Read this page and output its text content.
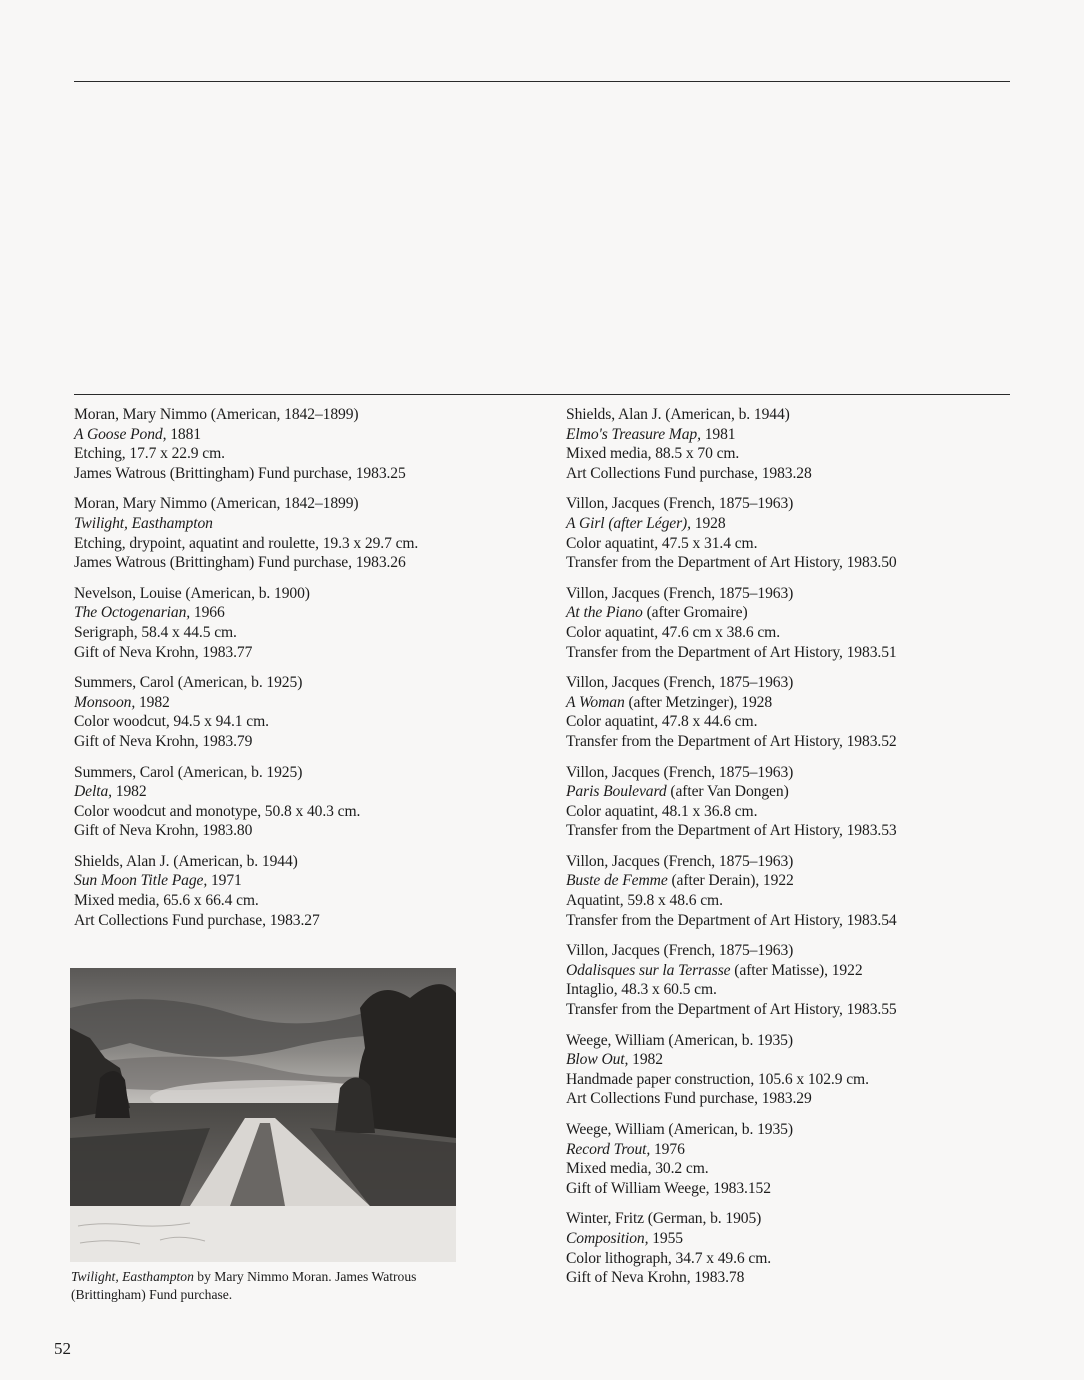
Moran, Mary Nimmo (American, 1842–1899)
A Goose Pond, 1881
Etching, 17.7 x 22.9 cm.
James Watrous (Brittingham) Fund purchase, 1983.25
Moran, Mary Nimmo (American, 1842–1899)
Twilight, Easthampton
Etching, drypoint, aquatint and roulette, 19.3 x 29.7 cm.
James Watrous (Brittingham) Fund purchase, 1983.26
Nevelson, Louise (American, b. 1900)
The Octogenarian, 1966
Serigraph, 58.4 x 44.5 cm.
Gift of Neva Krohn, 1983.77
Summers, Carol (American, b. 1925)
Monsoon, 1982
Color woodcut, 94.5 x 94.1 cm.
Gift of Neva Krohn, 1983.79
Summers, Carol (American, b. 1925)
Delta, 1982
Color woodcut and monotype, 50.8 x 40.3 cm.
Gift of Neva Krohn, 1983.80
Shields, Alan J. (American, b. 1944)
Sun Moon Title Page, 1971
Mixed media, 65.6 x 66.4 cm.
Art Collections Fund purchase, 1983.27
Shields, Alan J. (American, b. 1944)
Elmo's Treasure Map, 1981
Mixed media, 88.5 x 70 cm.
Art Collections Fund purchase, 1983.28
Villon, Jacques (French, 1875–1963)
A Girl (after Léger), 1928
Color aquatint, 47.5 x 31.4 cm.
Transfer from the Department of Art History, 1983.50
Villon, Jacques (French, 1875–1963)
At the Piano (after Gromaire)
Color aquatint, 47.6 cm x 38.6 cm.
Transfer from the Department of Art History, 1983.51
Villon, Jacques (French, 1875–1963)
A Woman (after Metzinger), 1928
Color aquatint, 47.8 x 44.6 cm.
Transfer from the Department of Art History, 1983.52
Villon, Jacques (French, 1875–1963)
Paris Boulevard (after Van Dongen)
Color aquatint, 48.1 x 36.8 cm.
Transfer from the Department of Art History, 1983.53
Villon, Jacques (French, 1875–1963)
Buste de Femme (after Derain), 1922
Aquatint, 59.8 x 48.6 cm.
Transfer from the Department of Art History, 1983.54
Villon, Jacques (French, 1875–1963)
Odalisques sur la Terrasse (after Matisse), 1922
Intaglio, 48.3 x 60.5 cm.
Transfer from the Department of Art History, 1983.55
Weege, William (American, b. 1935)
Blow Out, 1982
Handmade paper construction, 105.6 x 102.9 cm.
Art Collections Fund purchase, 1983.29
Weege, William (American, b. 1935)
Record Trout, 1976
Mixed media, 30.2 cm.
Gift of William Weege, 1983.152
Winter, Fritz (German, b. 1905)
Composition, 1955
Color lithograph, 34.7 x 49.6 cm.
Gift of Neva Krohn, 1983.78
Twilight, Easthampton by Mary Nimmo Moran. James Watrous
(Brittingham) Fund purchase.
52
